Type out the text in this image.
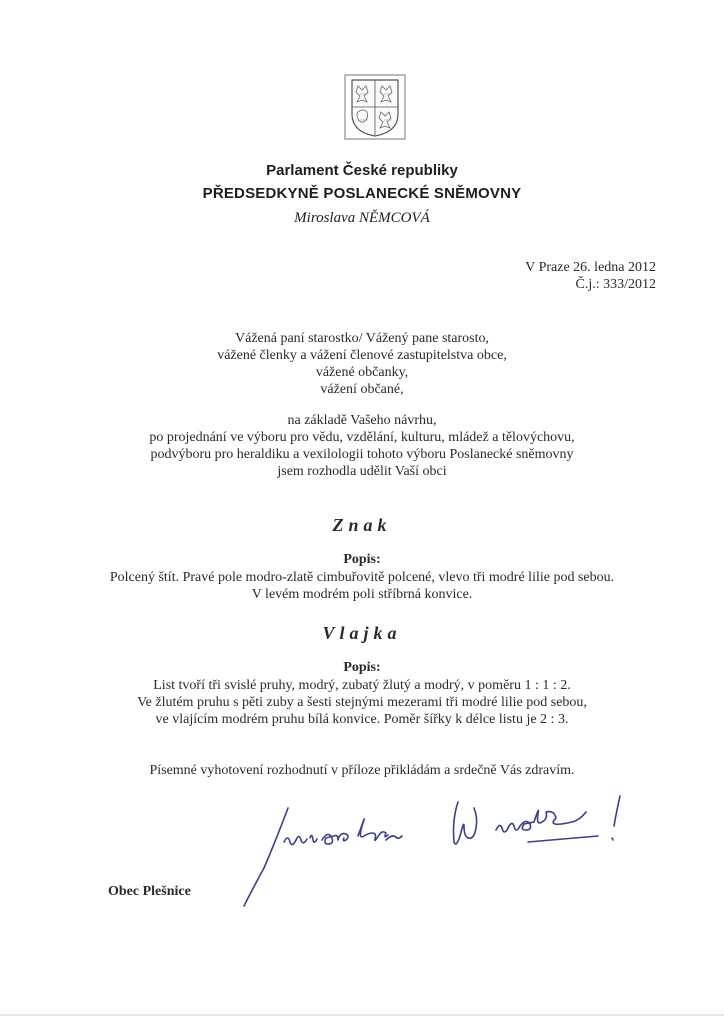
Parlament České republiky
PŘEDSEDKYNĚ POSLANECKÉ SNĚMOVNY
Miroslava NĚMCOVÁ
V Praze 26. ledna 2012
Č.j.: 333/2012
Vážená paní starostko/ Vážený pane starosto,
vážené členky a vážení členové zastupitelstva obce,
vážené občanky,
vážení občané,
na základě Vašeho návrhu,
po projednání ve výboru pro vědu, vzdělání, kulturu, mládež a tělovýchovu,
podvýboru pro heraldiku a vexilologii tohoto výboru Poslanecké sněmovny
jsem rozhodla udělit Vaší obci
Znak
Popis:
Polcený štít. Pravé pole modro-zlatě cimbuřovitě polcené, vlevo tři modré lilie pod sebou.
V levém modrém poli stříbrná konvice.
Vlajka
Popis:
List tvoří tři svislé pruhy, modrý, zubatý žlutý a modrý, v poměru 1 : 1 : 2.
Ve žlutém pruhu s pěti zuby a šesti stejnými mezerami tři modré lilie pod sebou,
ve vlajícím modrém pruhu bílá konvice. Poměr šířky k délce listu je 2 : 3.
Písemné vyhotovení rozhodnutí v příloze přikládám a srdečně Vás zdravím.
Obec Plešnice
